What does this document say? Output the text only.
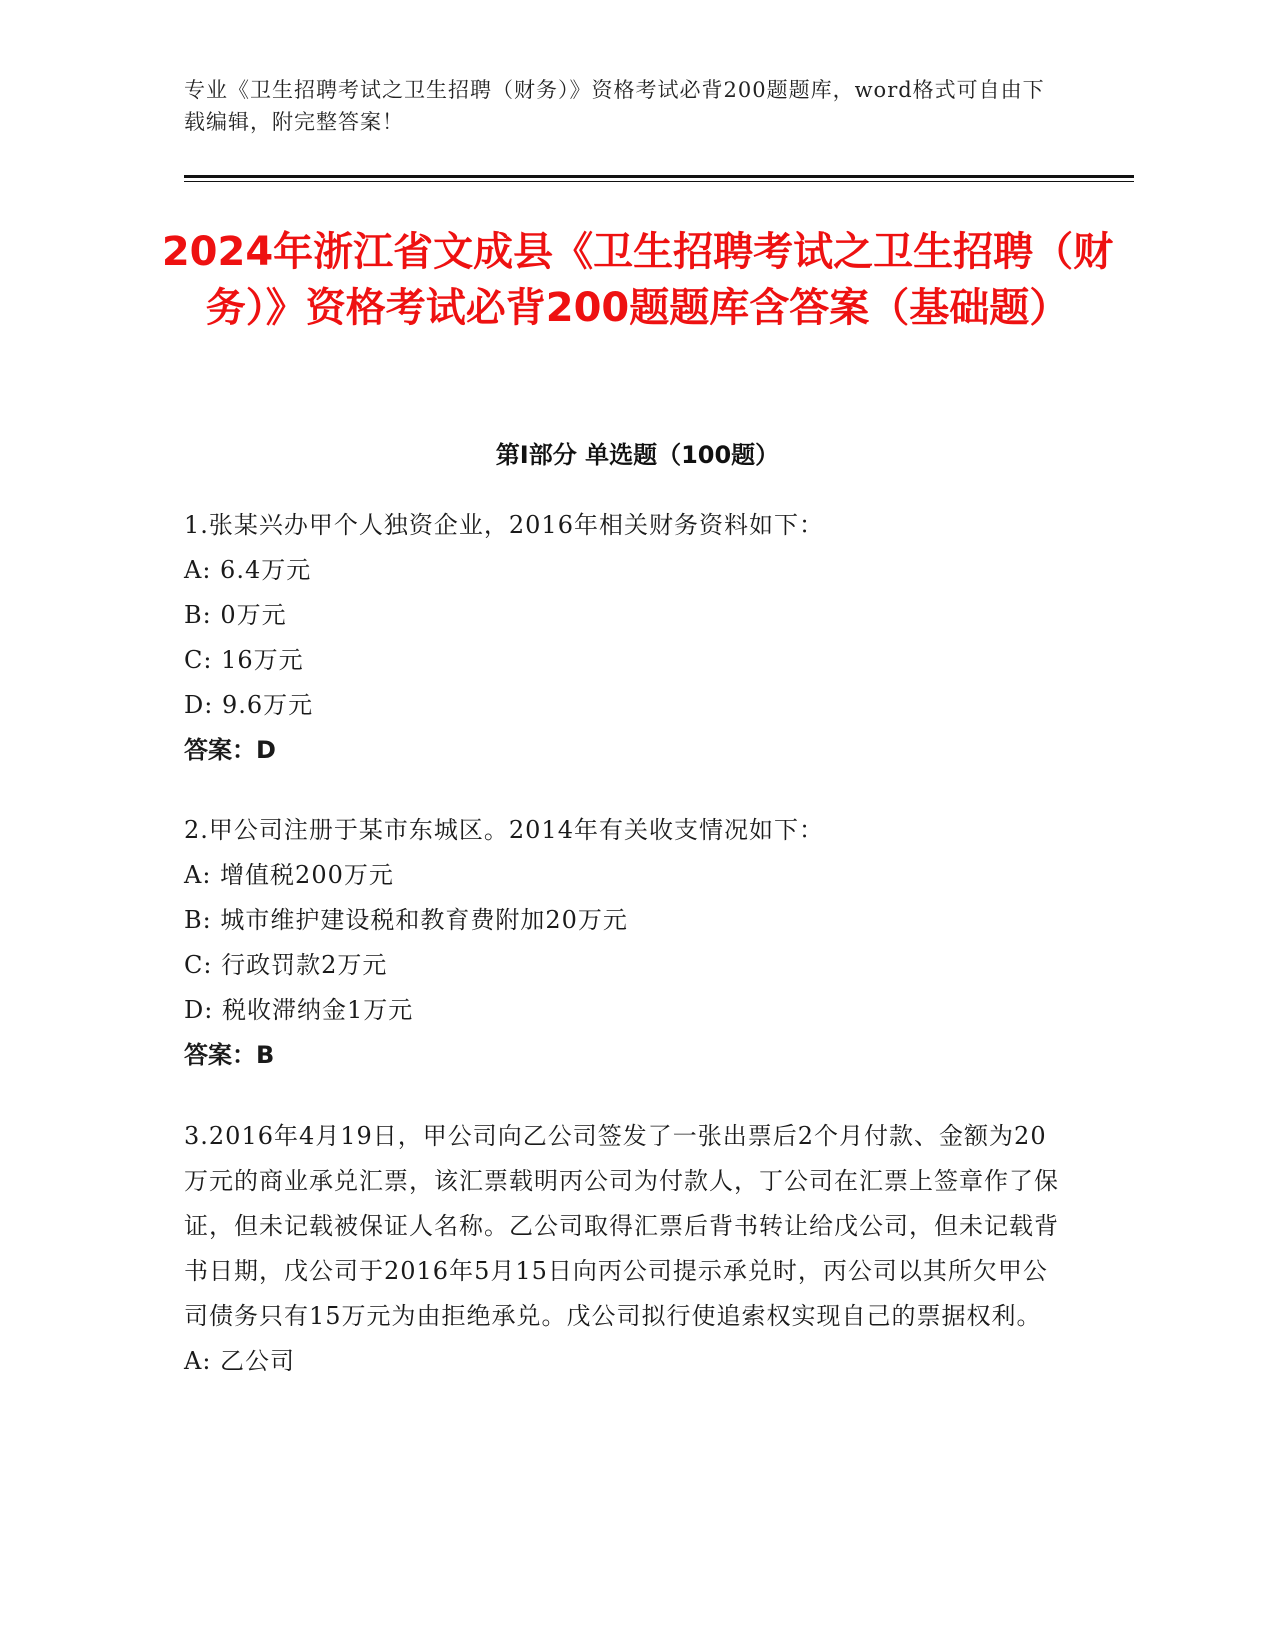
专业《卫生招聘考试之卫生招聘（财务）》资格考试必背200题题库，word格式可自由下载编辑，附完整答案！
2024年浙江省文成县《卫生招聘考试之卫生招聘（财务）》资格考试必背200题题库含答案（基础题）
第I部分 单选题（100题）

1.张某兴办甲个人独资企业，2016年相关财务资料如下：

A: 6.4万元

B: 0万元

C: 16万元

D: 9.6万元

答案：D

2.甲公司注册于某市东城区。2014年有关收支情况如下：

A: 增值税200万元

B: 城市维护建设税和教育费附加20万元

C: 行政罚款2万元

D: 税收滞纳金1万元

答案：B

3.2016年4月19日，甲公司向乙公司签发了一张出票后2个月付款、金额为20万元的商业承兑汇票，该汇票载明丙公司为付款人，丁公司在汇票上签章作了保证，但未记载被保证人名称。乙公司取得汇票后背书转让给戊公司，但未记载背书日期，戊公司于2016年5月15日向丙公司提示承兑时，丙公司以其所欠甲公司债务只有15万元为由拒绝承兑。戊公司拟行使追索权实现自己的票据权利。

A: 乙公司
